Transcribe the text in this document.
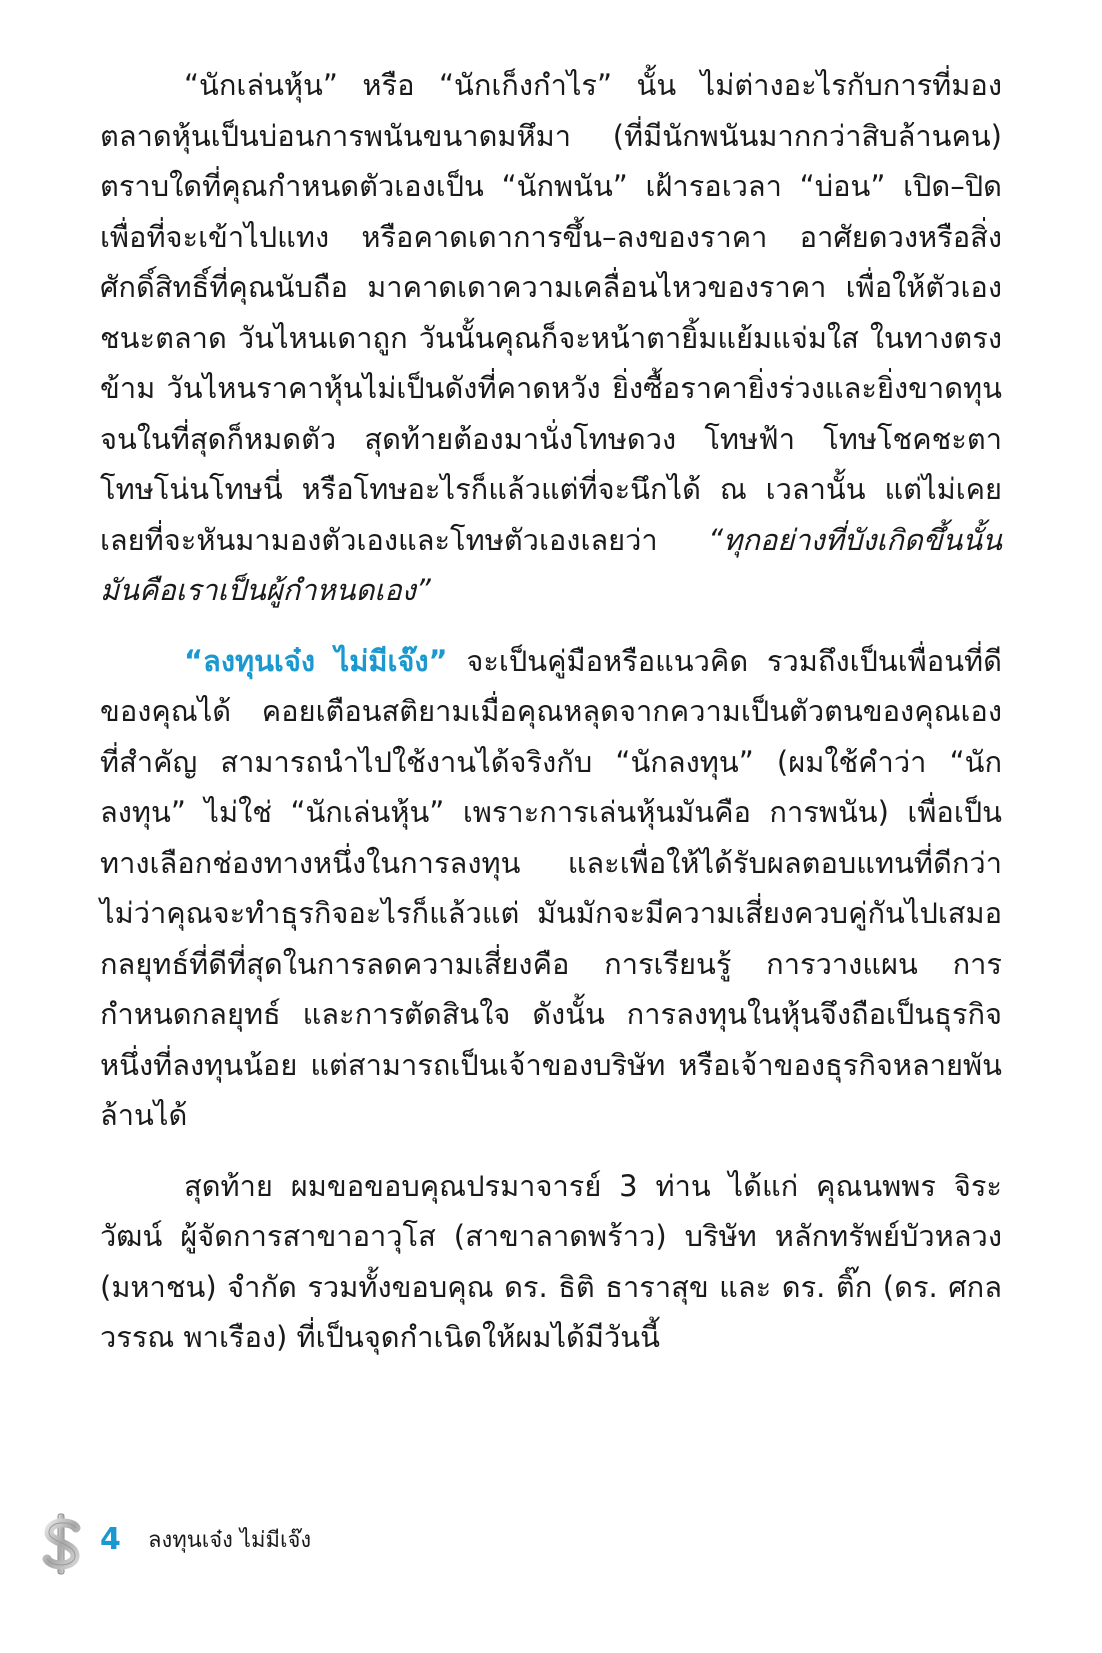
“นักเล่นหุ้น” หรือ “นักเก็งกำไร” นั้น ไม่ต่างอะไรกับการที่มองตลาดหุ้นเป็นบ่อนการพนันขนาดมหึมา (ที่มีนักพนันมากกว่าสิบล้านคน) ตราบใดที่คุณกำหนดตัวเองเป็น “นักพนัน” เฝ้ารอเวลา “บ่อน” เปิด–ปิด เพื่อที่จะเข้าไปแทง หรือคาดเดาการขึ้น–ลงของราคา อาศัยดวงหรือสิ่งศักดิ์สิทธิ์ที่คุณนับถือ มาคาดเดาความเคลื่อนไหวของราคา เพื่อให้ตัวเองชนะตลาด วันไหนเดาถูก วันนั้นคุณก็จะหน้าตายิ้มแย้มแจ่มใส ในทางตรงข้าม วันไหนราคาหุ้นไม่เป็นดังที่คาดหวัง ยิ่งซื้อราคายิ่งร่วงและยิ่งขาดทุน จนในที่สุดก็หมดตัว สุดท้ายต้องมานั่งโทษดวง โทษฟ้า โทษโชคชะตา โทษโน่นโทษนี่ หรือโทษอะไรก็แล้วแต่ที่จะนึกได้ ณ เวลานั้น แต่ไม่เคยเลยที่จะหันมามองตัวเองและโทษตัวเองเลยว่า “ทุกอย่างที่บังเกิดขึ้นนั้น มันคือเราเป็นผู้กำหนดเอง”

“ลงทุนเจ๋ง ไม่มีเจ๊ง” จะเป็นคู่มือหรือแนวคิด รวมถึงเป็นเพื่อนที่ดีของคุณได้ คอยเตือนสติยามเมื่อคุณหลุดจากความเป็นตัวตนของคุณเอง ที่สำคัญ สามารถนำไปใช้งานได้จริงกับ “นักลงทุน” (ผมใช้คำว่า “นักลงทุน” ไม่ใช่ “นักเล่นหุ้น” เพราะการเล่นหุ้นมันคือ การพนัน) เพื่อเป็นทางเลือกช่องทางหนึ่งในการลงทุน และเพื่อให้ได้รับผลตอบแทนที่ดีกว่า ไม่ว่าคุณจะทำธุรกิจอะไรก็แล้วแต่ มันมักจะมีความเสี่ยงควบคู่กันไปเสมอ กลยุทธ์ที่ดีที่สุดในการลดความเสี่ยงคือ การเรียนรู้ การวางแผน การกำหนดกลยุทธ์ และการตัดสินใจ ดังนั้น การลงทุนในหุ้นจึงถือเป็นธุรกิจหนึ่งที่ลงทุนน้อย แต่สามารถเป็นเจ้าของบริษัท หรือเจ้าของธุรกิจหลายพันล้านได้

สุดท้าย ผมขอขอบคุณปรมาจารย์ 3 ท่าน ได้แก่ คุณนพพร จิระวัฒน์ ผู้จัดการสาขาอาวุโส (สาขาลาดพร้าว) บริษัท หลักทรัพย์บัวหลวง (มหาชน) จำกัด รวมทั้งขอบคุณ ดร. ธิติ ธาราสุข และ ดร. ติ๊ก (ดร. ศกลวรรณ พาเรือง) ที่เป็นจุดกำเนิดให้ผมได้มีวันนี้

4 ลงทุนเจ๋ง ไม่มีเจ๊ง
